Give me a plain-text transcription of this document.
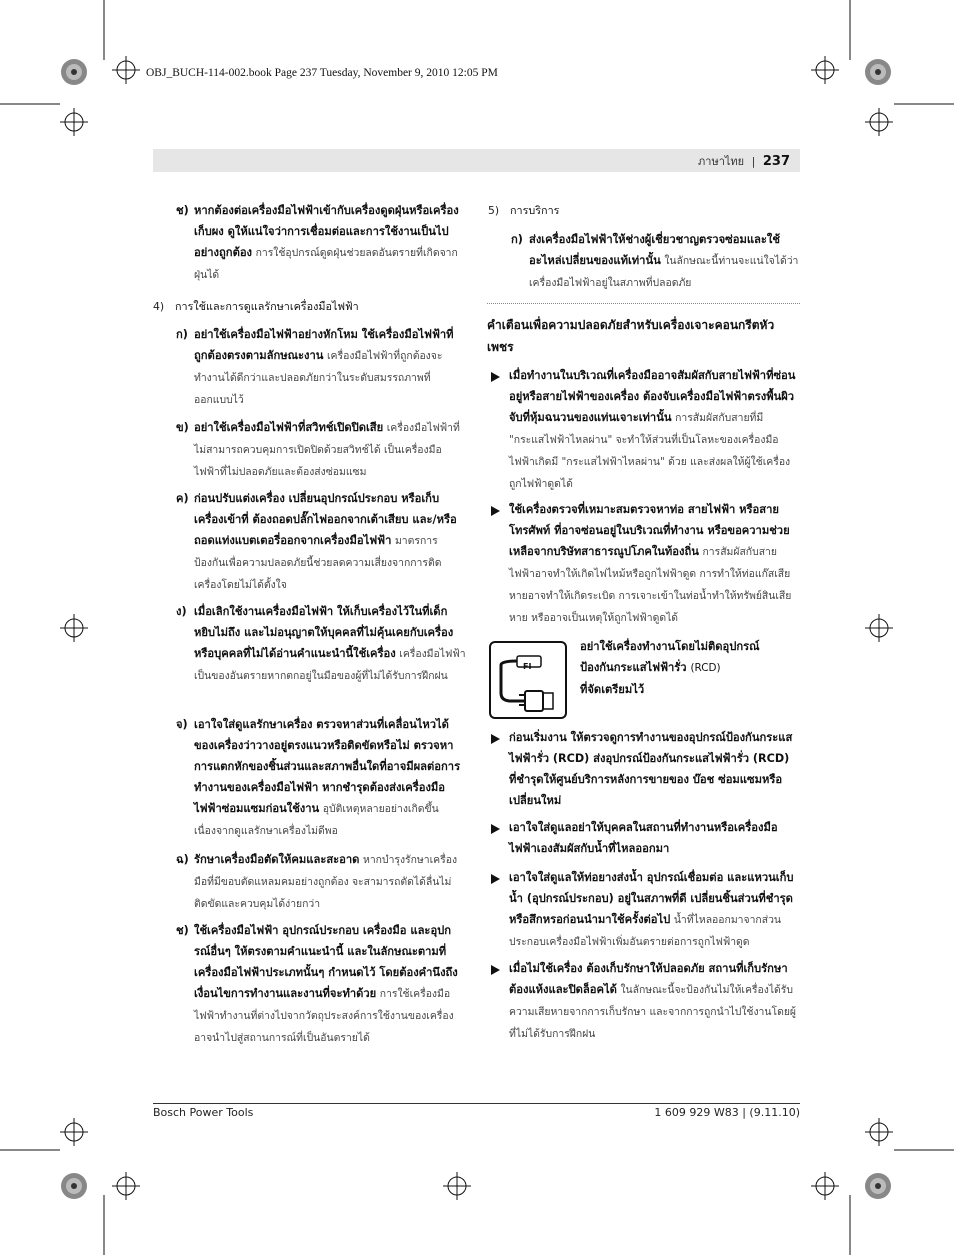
OBJ_BUCH-114-002.book Page 237 Tuesday, November 9, 2010 12:05 PM
ภาษาไทย | 237
ช) หากต้องต่อเครื่องมือไฟฟ้าเข้ากับเครื่องดูดฝุ่นหรือเครื่องเก็บผง ดูให้แน่ใจว่าการเชื่อมต่อและการใช้งานเป็นไปอย่างถูกต้อง การใช้อุปกรณ์ดูดฝุ่นช่วยลดอันตรายที่เกิดจากฝุ่นได้
4) การใช้และการดูแลรักษาเครื่องมือไฟฟ้า
ก) อย่าใช้เครื่องมือไฟฟ้าอย่างหักโหม ใช้เครื่องมือไฟฟ้าที่ถูกต้องตรงตามลักษณะงาน เครื่องมือไฟฟ้าที่ถูกต้องจะทำงานได้ดีกว่าและปลอดภัยกว่าในระดับสมรรถภาพที่ออกแบบไว้
ข) อย่าใช้เครื่องมือไฟฟ้าที่สวิทช์เปิดปิดเสีย เครื่องมือไฟฟ้าที่ไม่สามารถควบคุมการเปิดปิดด้วยสวิทช์ได้ เป็นเครื่องมือไฟฟ้าที่ไม่ปลอดภัยและต้องส่งซ่อมแซม
ค) ก่อนปรับแต่งเครื่อง เปลี่ยนอุปกรณ์ประกอบ หรือเก็บเครื่องเข้าที่ ต้องถอดปลั๊กไฟออกจากเต้าเสียบ และ/หรือถอดแท่งแบตเตอรี่ออกจากเครื่องมือไฟฟ้า มาตรการป้องกันเพื่อความปลอดภัยนี้ช่วยลดความเสี่ยงจากการติดเครื่องโดยไม่ได้ตั้งใจ
ง) เมื่อเลิกใช้งานเครื่องมือไฟฟ้า ให้เก็บเครื่องไว้ในที่เด็กหยิบไม่ถึง และไม่อนุญาตให้บุคคลที่ไม่คุ้นเคยกับเครื่องหรือบุคคลที่ไม่ได้อ่านคำแนะนำนี้ใช้เครื่อง เครื่องมือไฟฟ้าเป็นของอันตรายหากตกอยู่ในมือของผู้ที่ไม่ได้รับการฝึกฝน
จ) เอาใจใส่ดูแลรักษาเครื่อง ตรวจหาส่วนที่เคลื่อนไหวได้ของเครื่องว่าวางอยู่ตรงแนวหรือติดขัดหรือไม่ ตรวจหาการแตกหักของชิ้นส่วนและสภาพอื่นใดที่อาจมีผลต่อการทำงานของเครื่องมือไฟฟ้า หากชำรุดต้องส่งเครื่องมือไฟฟ้าซ่อมแซมก่อนใช้งาน อุบัติเหตุหลายอย่างเกิดขึ้นเนื่องจากดูแลรักษาเครื่องไม่ดีพอ
ฉ) รักษาเครื่องมือตัดให้คมและสะอาด หากบำรุงรักษาเครื่องมือที่มีขอบตัดแหลมคมอย่างถูกต้อง จะสามารถตัดได้ลื่นไม่ติดขัดและควบคุมได้ง่ายกว่า
ช) ใช้เครื่องมือไฟฟ้า อุปกรณ์ประกอบ เครื่องมือ และอุปกรณ์อื่นๆ ให้ตรงตามคำแนะนำนี้ และในลักษณะตามที่เครื่องมือไฟฟ้าประเภทนั้นๆ กำหนดไว้ โดยต้องคำนึงถึงเงื่อนไขการทำงานและงานที่จะทำด้วย การใช้เครื่องมือไฟฟ้าทำงานที่ต่างไปจากวัตถุประสงค์การใช้งานของเครื่อง อาจนำไปสู่สถานการณ์ที่เป็นอันตรายได้
5) การบริการ
ก) ส่งเครื่องมือไฟฟ้าให้ช่างผู้เชี่ยวชาญตรวจซ่อมและใช้อะไหล่เปลี่ยนของแท้เท่านั้น ในลักษณะนี้ท่านจะแน่ใจได้ว่าเครื่องมือไฟฟ้าอยู่ในสภาพที่ปลอดภัย
คำเตือนเพื่อความปลอดภัยสำหรับเครื่องเจาะคอนกรีตหัวเพชร
เมื่อทำงานในบริเวณที่เครื่องมืออาจสัมผัสกับสายไฟฟ้าที่ซ่อนอยู่หรือสายไฟฟ้าของเครื่อง ต้องจับเครื่องมือไฟฟ้าตรงพื้นผิวจับที่หุ้มฉนวนของแท่นเจาะเท่านั้น การสัมผัสกับสายที่มี "กระแสไฟฟ้าไหลผ่าน" จะทำให้ส่วนที่เป็นโลหะของเครื่องมือไฟฟ้าเกิดมี "กระแสไฟฟ้าไหลผ่าน" ด้วย และส่งผลให้ผู้ใช้เครื่องถูกไฟฟ้าดูดได้
ใช้เครื่องตรวจที่เหมาะสมตรวจหาท่อ สายไฟฟ้า หรือสายโทรศัพท์ ที่อาจซ่อนอยู่ในบริเวณที่ทำงาน หรือขอความช่วยเหลือจากบริษัทสาธารณูปโภคในท้องถิ่น การสัมผัสกับสายไฟฟ้าอาจทำให้เกิดไฟไหม้หรือถูกไฟฟ้าดูด การทำให้ท่อแก๊สเสียหายอาจทำให้เกิดระเบิด การเจาะเข้าในท่อน้ำทำให้ทรัพย์สินเสียหาย หรืออาจเป็นเหตุให้ถูกไฟฟ้าดูดได้
FI
อย่าใช้เครื่องทำงานโดยไม่ติดอุปกรณ์
ป้องกันกระแสไฟฟ้ารั่ว (RCD)
ที่จัดเตรียมไว้
ก่อนเริ่มงาน ให้ตรวจดูการทำงานของอุปกรณ์ป้องกันกระแสไฟฟ้ารั่ว (RCD) ส่งอุปกรณ์ป้องกันกระแสไฟฟ้ารั่ว (RCD) ที่ชำรุดให้ศูนย์บริการหลังการขายของ บ๊อช ซ่อมแซมหรือเปลี่ยนใหม่
เอาใจใส่ดูแลอย่าให้บุคคลในสถานที่ทำงานหรือเครื่องมือไฟฟ้าเองสัมผัสกับน้ำที่ไหลออกมา
เอาใจใส่ดูแลให้ท่อยางส่งน้ำ อุปกรณ์เชื่อมต่อ และแหวนเก็บน้ำ (อุปกรณ์ประกอบ) อยู่ในสภาพที่ดี เปลี่ยนชิ้นส่วนที่ชำรุดหรือสึกหรอก่อนนำมาใช้ครั้งต่อไป น้ำที่ไหลออกมาจากส่วนประกอบเครื่องมือไฟฟ้าเพิ่มอันตรายต่อการถูกไฟฟ้าดูด
เมื่อไม่ใช้เครื่อง ต้องเก็บรักษาให้ปลอดภัย สถานที่เก็บรักษาต้องแห้งและปิดล็อคได้ ในลักษณะนี้จะป้องกันไม่ให้เครื่องได้รับความเสียหายจากการเก็บรักษา และจากการถูกนำไปใช้งานโดยผู้ที่ไม่ได้รับการฝึกฝน
Bosch Power Tools	1 609 929 W83 | (9.11.10)
